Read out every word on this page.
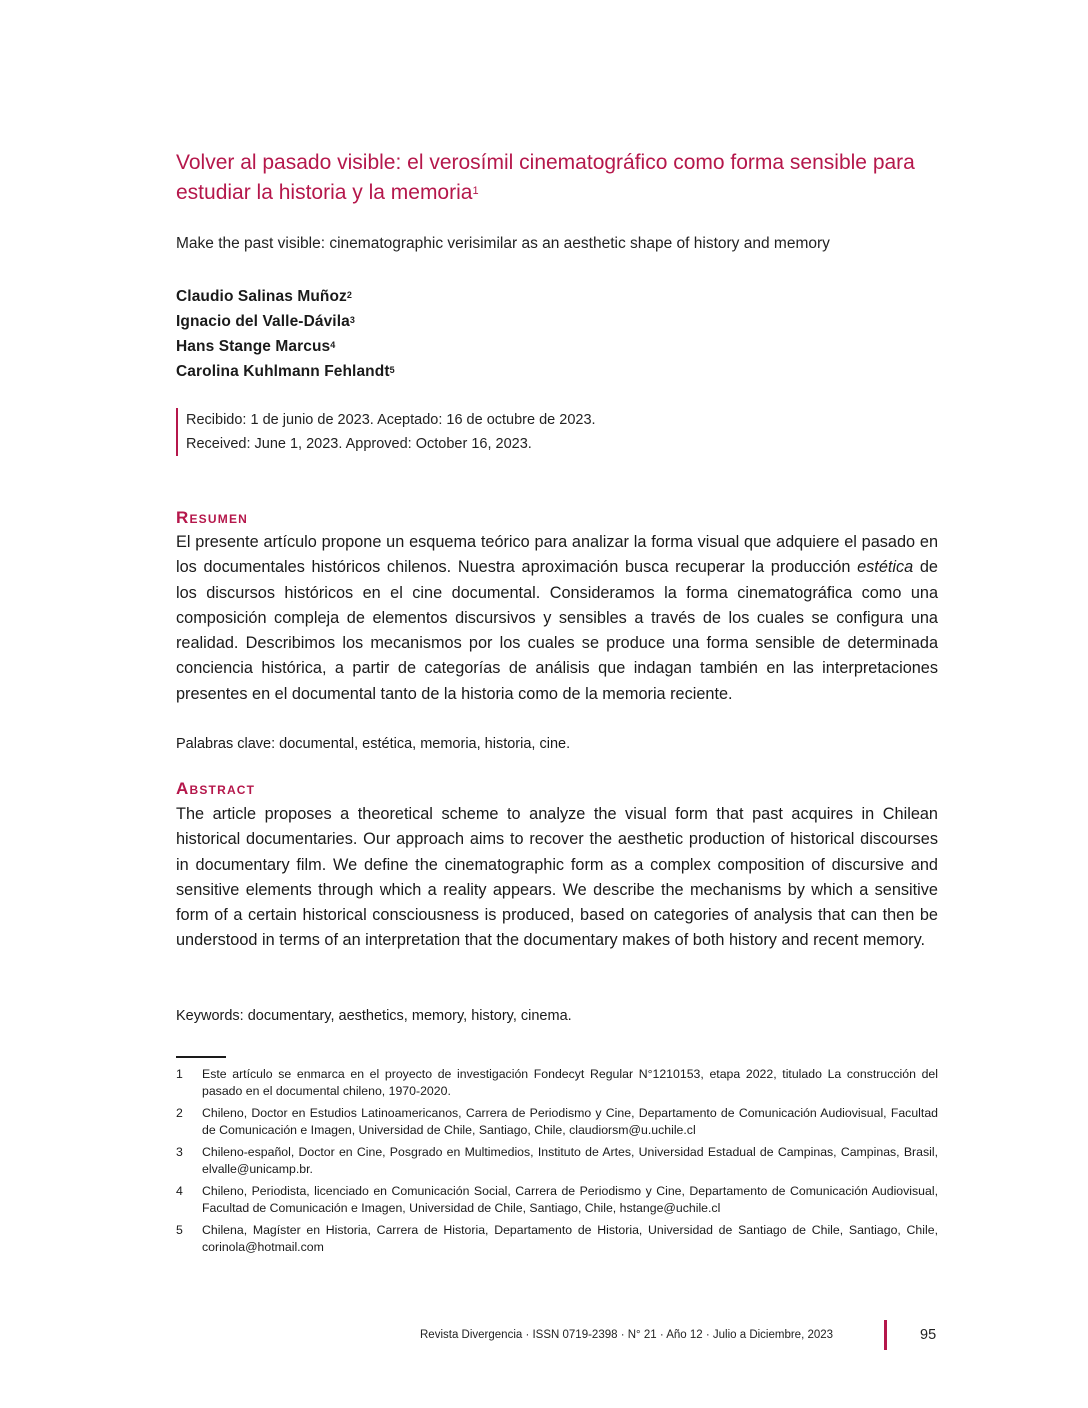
Volver al pasado visible: el verosímil cinematográfico como forma sensible para estudiar la historia y la memoria$^1$

Make the past visible: cinematographic verisimilar as an aesthetic shape of history and memory

Claudio Salinas Muñoz$^2$
Ignacio del Valle-Dávila$^3$
Hans Stange Marcus$^4$
Carolina Kuhlmann Fehlandt$^5$
Recibido: 1 de junio de 2023. Aceptado: 16 de octubre de 2023.
Received: June 1, 2023. Approved: October 16, 2023.
Resumen

El presente artículo propone un esquema teórico para analizar la forma visual que adquiere el pasado en los documentales históricos chilenos. Nuestra aproximación busca recuperar la producción estética de los discursos históricos en el cine documental. Consideramos la forma cinematográfica como una composición compleja de elementos discursivos y sensibles a través de los cuales se configura una realidad. Describimos los mecanismos por los cuales se produce una forma sensible de determinada conciencia histórica, a partir de categorías de análisis que indagan también en las interpretaciones presentes en el documental tanto de la historia como de la memoria reciente.

Palabras clave: documental, estética, memoria, historia, cine.

Abstract

The article proposes a theoretical scheme to analyze the visual form that past acquires in Chilean historical documentaries. Our approach aims to recover the aesthetic production of historical discourses in documentary film. We define the cinematographic form as a complex composition of discursive and sensitive elements through which a reality appears. We describe the mechanisms by which a sensitive form of a certain historical consciousness is produced, based on categories of analysis that can then be understood in terms of an interpretation that the documentary makes of both history and recent memory.

Keywords: documentary, aesthetics, memory, history, cinema.

1	Este artículo se enmarca en el proyecto de investigación Fondecyt Regular N°1210153, etapa 2022, titulado La construcción del pasado en el documental chileno, 1970-2020.
2	Chileno, Doctor en Estudios Latinoamericanos, Carrera de Periodismo y Cine, Departamento de Comunicación Audiovisual, Facultad de Comunicación e Imagen, Universidad de Chile, Santiago, Chile, claudiorsm@u.uchile.cl
3	Chileno-español, Doctor en Cine, Posgrado en Multimedios, Instituto de Artes, Universidad Estadual de Campinas, Campinas, Brasil, elvalle@unicamp.br.
4	Chileno, Periodista, licenciado en Comunicación Social, Carrera de Periodismo y Cine, Departamento de Comunicación Audiovisual, Facultad de Comunicación e Imagen, Universidad de Chile, Santiago, Chile, hstange@uchile.cl
5	Chilena, Magíster en Historia, Carrera de Historia, Departamento de Historia, Universidad de Santiago de Chile, Santiago, Chile, corinola@hotmail.com
Revista Divergencia · ISSN 0719-2398 · N° 21 · Año 12 · Julio a Diciembre, 2023	95
